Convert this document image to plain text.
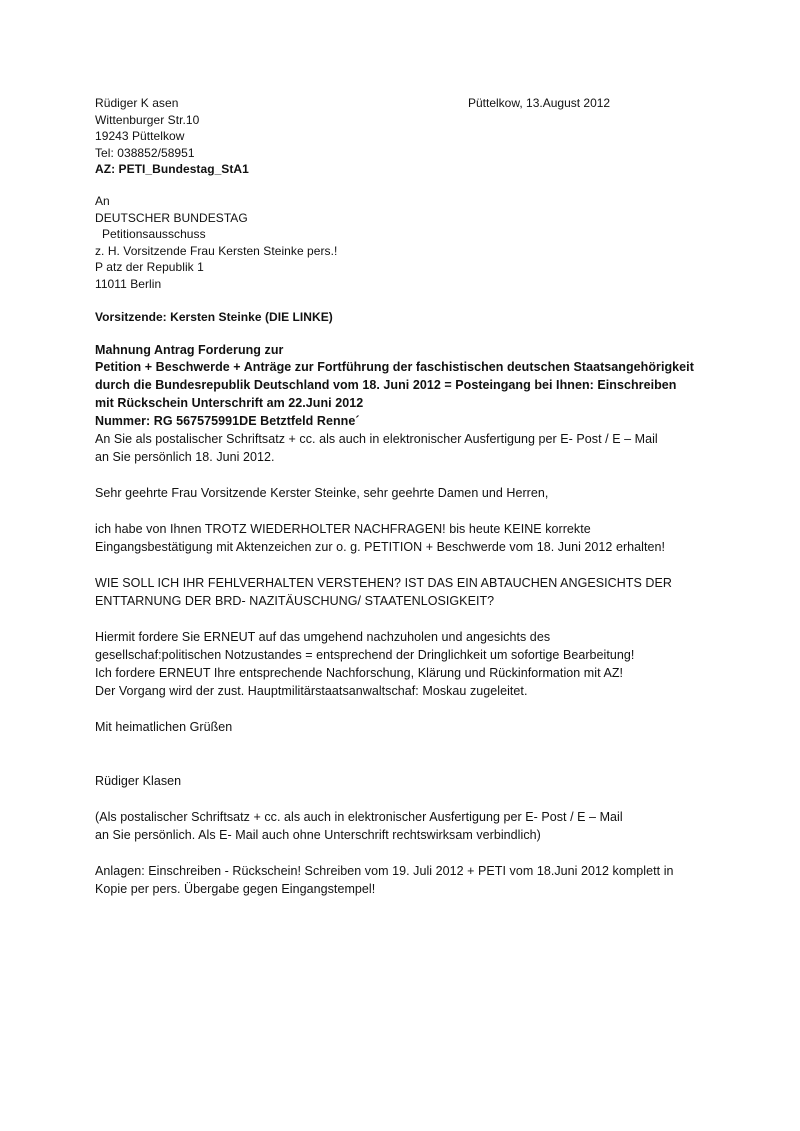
Rüdiger K asen
Wittenburger Str.10
19243 Püttelkow
Tel: 038852/58951
AZ: PETI_Bundestag_StA1
Püttelkow, 13.August 2012
An
DEUTSCHER BUNDESTAG
Petitionsausschuss
z. H. Vorsitzende Frau Kersten Steinke pers.!
P atz der Republik 1
11011 Berlin
Vorsitzende: Kersten Steinke (DIE LINKE)
Mahnung Antrag Forderung zur
Petition + Beschwerde + Anträge zur Fortführung der faschistischen deutschen Staatsangehörigkeit
durch die Bundesrepublik Deutschland vom 18. Juni 2012 = Posteingang bei Ihnen: Einschreiben
mit Rückschein Unterschrift am 22.Juni 2012
Nummer: RG 567575991DE Betztfeld Renne´
An Sie als postalischer Schriftsatz + cc. als auch in elektronischer Ausfertigung per E- Post / E – Mail
an Sie persönlich 18. Juni 2012.
Sehr geehrte Frau Vorsitzende Kerster Steinke, sehr geehrte Damen und Herren,
ich habe von Ihnen TROTZ WIEDERHOLTER NACHFRAGEN! bis heute KEINE korrekte
Eingangsbestätigung mit Aktenzeichen zur o. g. PETITION + Beschwerde vom 18. Juni 2012 erhalten!
WIE SOLL ICH IHR FEHLVERHALTEN VERSTEHEN? IST DAS EIN ABTAUCHEN ANGESICHTS DER
ENTTARNUNG DER BRD- NAZITÄUSCHUNG/ STAATENLOSIGKEIT?
Hiermit fordere Sie ERNEUT auf das umgehend nachzuholen und angesichts des
gesellschaf:politischen Notzustandes = entsprechend der Dringlichkeit um sofortige Bearbeitung!
Ich fordere ERNEUT Ihre entsprechende Nachforschung, Klärung und Rückinformation mit AZ!
Der Vorgang wird der zust. Hauptmilitärstaatsanwaltschaf: Moskau zugeleitet.
Mit heimatlichen Grüßen
Rüdiger Klasen
(Als postalischer Schriftsatz + cc. als auch in elektronischer Ausfertigung per E- Post / E – Mail
an Sie persönlich. Als E- Mail auch ohne Unterschrift rechtswirksam verbindlich)
Anlagen: Einschreiben - Rückschein! Schreiben vom 19. Juli 2012 + PETI vom 18.Juni 2012 komplett in
Kopie per pers. Übergabe gegen Eingangstempel!
